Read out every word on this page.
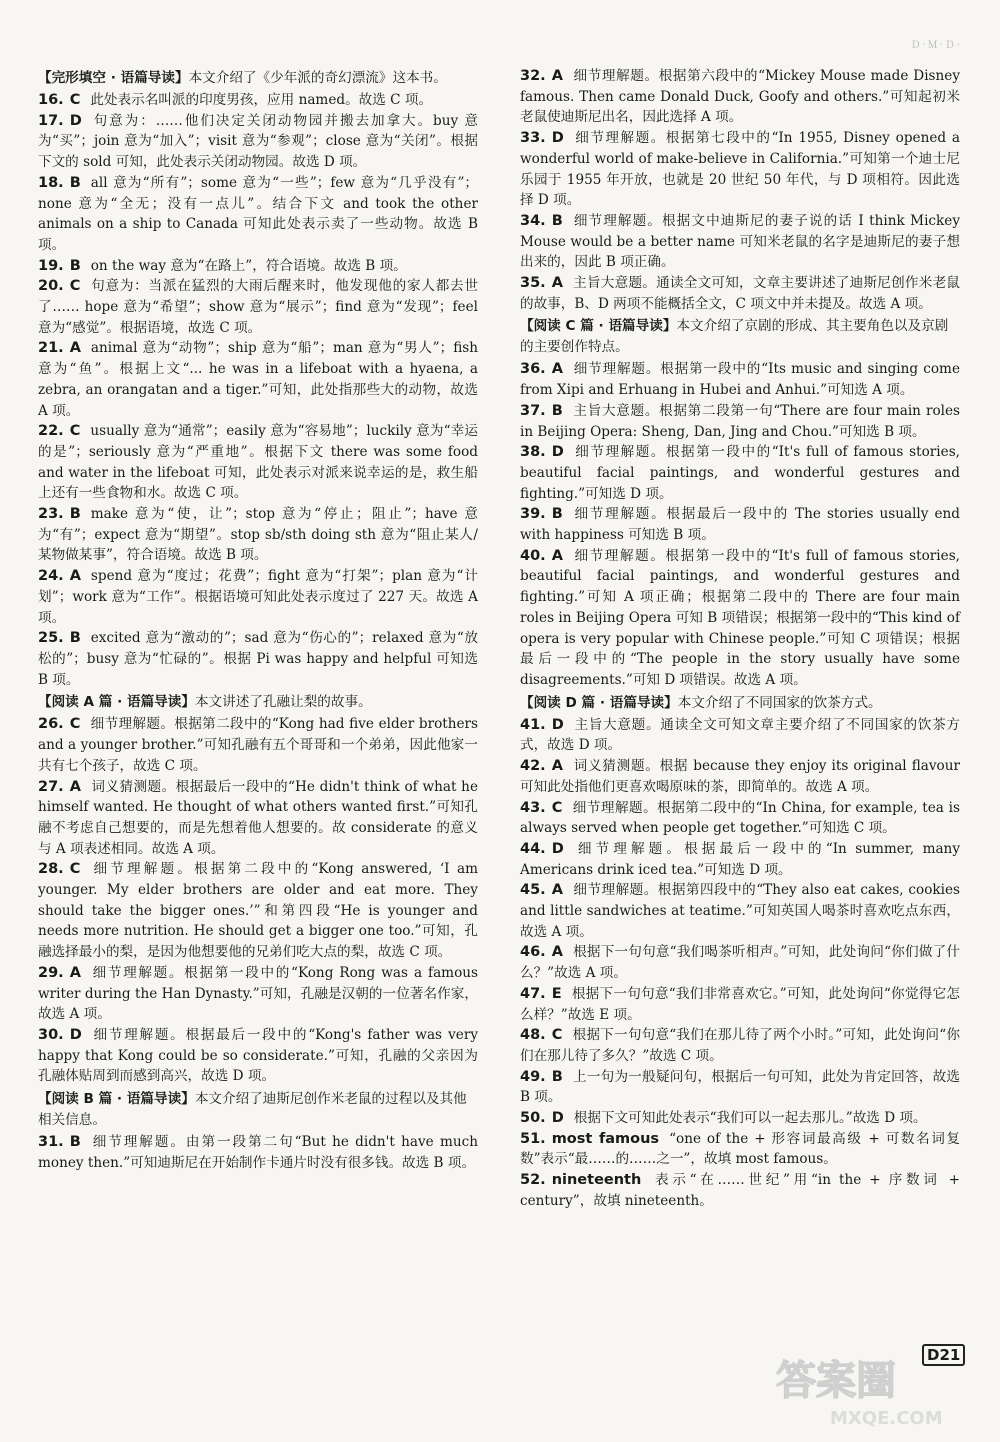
Ｄ·Ｍ·Ｄ·
【完形填空 · 语篇导读】本文介绍了《少年派的奇幻漂流》这本书。
16. C 此处表示名叫派的印度男孩，应用 named。故选 C 项。
17. D 句意为：……他们决定关闭动物园并搬去加拿大。buy 意为“买”；join 意为“加入”；visit 意为“参观”；close 意为“关闭”。根据下文的 sold 可知，此处表示关闭动物园。故选 D 项。
18. B all 意为“所有”；some 意为“一些”；few 意为“几乎没有”；none 意为“全无；没有一点儿”。结合下文 and took the other animals on a ship to Canada 可知此处表示卖了一些动物。故选 B 项。
19. B on the way 意为“在路上”，符合语境。故选 B 项。
20. C 句意为：当派在猛烈的大雨后醒来时，他发现他的家人都去世了…… hope 意为“希望”；show 意为“展示”；find 意为“发现”；feel 意为“感觉”。根据语境，故选 C 项。
21. A animal 意为“动物”；ship 意为“船”；man 意为“男人”；fish 意为“鱼”。根据上文“... he was in a lifeboat with a hyaena, a zebra, an orangatan and a tiger.”可知，此处指那些大的动物，故选 A 项。
22. C usually 意为“通常”；easily 意为“容易地”；luckily 意为“幸运的是”；seriously 意为“严重地”。根据下文 there was some food and water in the lifeboat 可知，此处表示对派来说幸运的是，救生船上还有一些食物和水。故选 C 项。
23. B make 意为“使，让”；stop 意为“停止；阻止”；have 意为“有”；expect 意为“期望”。stop sb/sth doing sth 意为“阻止某人/某物做某事”，符合语境。故选 B 项。
24. A spend 意为“度过；花费”；fight 意为“打架”；plan 意为“计划”；work 意为“工作”。根据语境可知此处表示度过了 227 天。故选 A 项。
25. B excited 意为“激动的”；sad 意为“伤心的”；relaxed 意为“放松的”；busy 意为“忙碌的”。根据 Pi was happy and helpful 可知选 B 项。
【阅读 A 篇 · 语篇导读】本文讲述了孔融让梨的故事。
26. C 细节理解题。根据第二段中的“Kong had five elder brothers and a younger brother.”可知孔融有五个哥哥和一个弟弟，因此他家一共有七个孩子，故选 C 项。
27. A 词义猜测题。根据最后一段中的“He didn't think of what he himself wanted. He thought of what others wanted first.”可知孔融不考虑自己想要的，而是先想着他人想要的。故 considerate 的意义与 A 项表述相同。故选 A 项。
28. C 细节理解题。根据第二段中的“Kong answered, ‘I am younger. My elder brothers are older and eat more. They should take the bigger ones.’”和第四段“He is younger and needs more nutrition. He should get a bigger one too.”可知，孔融选择最小的梨，是因为他想要他的兄弟们吃大点的梨，故选 C 项。
29. A 细节理解题。根据第一段中的“Kong Rong was a famous writer during the Han Dynasty.”可知，孔融是汉朝的一位著名作家，故选 A 项。
30. D 细节理解题。根据最后一段中的“Kong's father was very happy that Kong could be so considerate.”可知，孔融的父亲因为孔融体贴周到而感到高兴，故选 D 项。
【阅读 B 篇 · 语篇导读】本文介绍了迪斯尼创作米老鼠的过程以及其他相关信息。
31. B 细节理解题。由第一段第二句“But he didn't have much money then.”可知迪斯尼在开始制作卡通片时没有很多钱。故选 B 项。
32. A 细节理解题。根据第六段中的“Mickey Mouse made Disney famous. Then came Donald Duck, Goofy and others.”可知起初米老鼠使迪斯尼出名，因此选择 A 项。
33. D 细节理解题。根据第七段中的“In 1955, Disney opened a wonderful world of make-believe in California.”可知第一个迪士尼乐园于 1955 年开放，也就是 20 世纪 50 年代，与 D 项相符。因此选择 D 项。
34. B 细节理解题。根据文中迪斯尼的妻子说的话 I think Mickey Mouse would be a better name 可知米老鼠的名字是迪斯尼的妻子想出来的，因此 B 项正确。
35. A 主旨大意题。通读全文可知，文章主要讲述了迪斯尼创作米老鼠的故事，B、D 两项不能概括全文，C 项文中并未提及。故选 A 项。
【阅读 C 篇 · 语篇导读】本文介绍了京剧的形成、其主要角色以及京剧的主要创作特点。
36. A 细节理解题。根据第一段中的“Its music and singing come from Xipi and Erhuang in Hubei and Anhui.”可知选 A 项。
37. B 主旨大意题。根据第二段第一句“There are four main roles in Beijing Opera: Sheng, Dan, Jing and Chou.”可知选 B 项。
38. D 细节理解题。根据第一段中的“It's full of famous stories, beautiful facial paintings, and wonderful gestures and fighting.”可知选 D 项。
39. B 细节理解题。根据最后一段中的 The stories usually end with happiness 可知选 B 项。
40. A 细节理解题。根据第一段中的“It's full of famous stories, beautiful facial paintings, and wonderful gestures and fighting.”可知 A 项正确；根据第二段中的 There are four main roles in Beijing Opera 可知 B 项错误；根据第一段中的“This kind of opera is very popular with Chinese people.”可知 C 项错误；根据最后一段中的“The people in the story usually have some disagreements.”可知 D 项错误。故选 A 项。
【阅读 D 篇 · 语篇导读】本文介绍了不同国家的饮茶方式。
41. D 主旨大意题。通读全文可知文章主要介绍了不同国家的饮茶方式，故选 D 项。
42. A 词义猜测题。根据 because they enjoy its original flavour 可知此处指他们更喜欢喝原味的茶，即简单的。故选 A 项。
43. C 细节理解题。根据第二段中的“In China, for example, tea is always served when people get together.”可知选 C 项。
44. D 细节理解题。根据最后一段中的“In summer, many Americans drink iced tea.”可知选 D 项。
45. A 细节理解题。根据第四段中的“They also eat cakes, cookies and little sandwiches at teatime.”可知英国人喝茶时喜欢吃点东西，故选 A 项。
46. A 根据下一句句意“我们喝茶听相声。”可知，此处询问“你们做了什么？”故选 A 项。
47. E 根据下一句句意“我们非常喜欢它。”可知，此处询问“你觉得它怎么样？”故选 E 项。
48. C 根据下一句句意“我们在那儿待了两个小时。”可知，此处询问“你们在那儿待了多久？”故选 C 项。
49. B 上一句为一般疑问句，根据后一句可知，此处为肯定回答，故选 B 项。
50. D 根据下文可知此处表示“我们可以一起去那儿。”故选 D 项。
51. most famous “one of the + 形容词最高级 + 可数名词复数”表示“最……的……之一”，故填 most famous。
52. nineteenth 表示“在……世纪”用“in the + 序数词 + century”，故填 nineteenth。
D21
答案圈
MXQE.COM
